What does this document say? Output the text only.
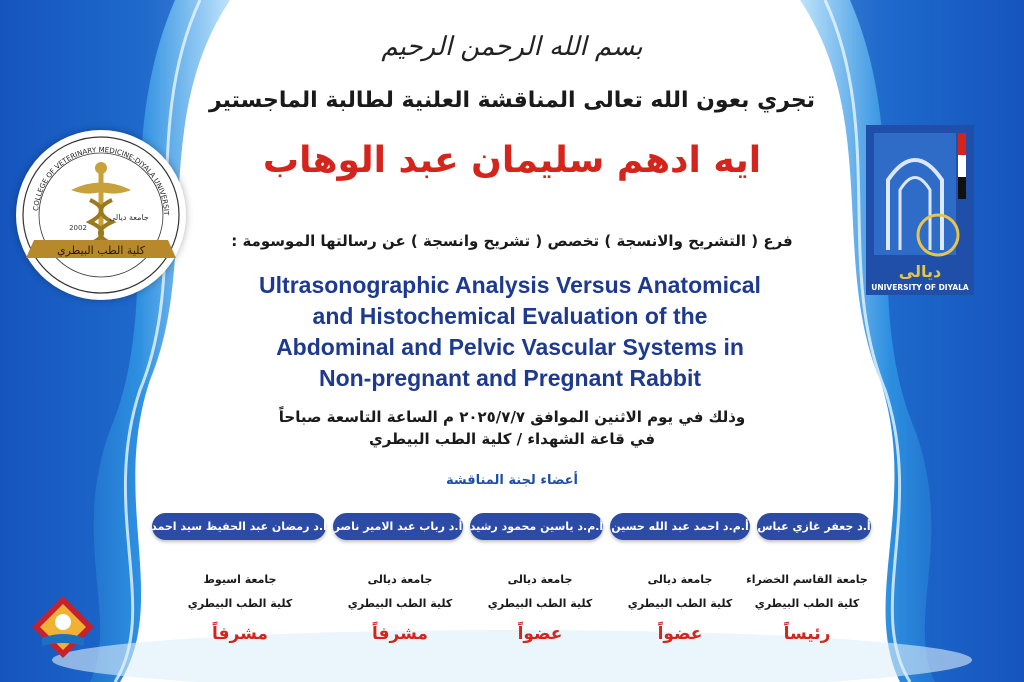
بسم الله الرحمن الرحيم
تجري بعون الله تعالى المناقشة العلنية لطالبة الماجستير
ايه ادهم سليمان عبد الوهاب
فرع ( التشريح والانسجة ) تخصص ( تشريح وانسجة ) عن رسالتها الموسومة :
Ultrasonographic Analysis Versus Anatomical
and Histochemical Evaluation of the
Abdominal and Pelvic Vascular Systems in
Non-pregnant and Pregnant Rabbit
وذلك في يوم الاثنين الموافق ٢٠٢٥/٧/٧ م الساعة التاسعة صباحاً
في قاعة الشهداء / كلية الطب البيطري
أعضاء لجنة المناقشة
أ.د جعفر غازي عباس
أ.م.د احمد عبد الله حسين
أ.م.د ياسين محمود رشيد
أ.د رباب عبد الامير ناصر
أ.د رمضان عبد الحفيظ سيد احمد
جامعة القاسم الخضراء
كلية الطب البيطري
جامعة ديالى
كلية الطب البيطري
جامعة ديالى
كلية الطب البيطري
جامعة ديالى
كلية الطب البيطري
جامعة اسيوط
كلية الطب البيطري
رئيساً
عضواً
عضواً
مشرفاً
مشرفاً
كلية الطب البيطري
2002
جامعة ديالى
COLLEGE OF VETERINARY MEDICINE-DIYALA UNIVERSIT
ديالى
UNIVERSITY OF DIYALA
